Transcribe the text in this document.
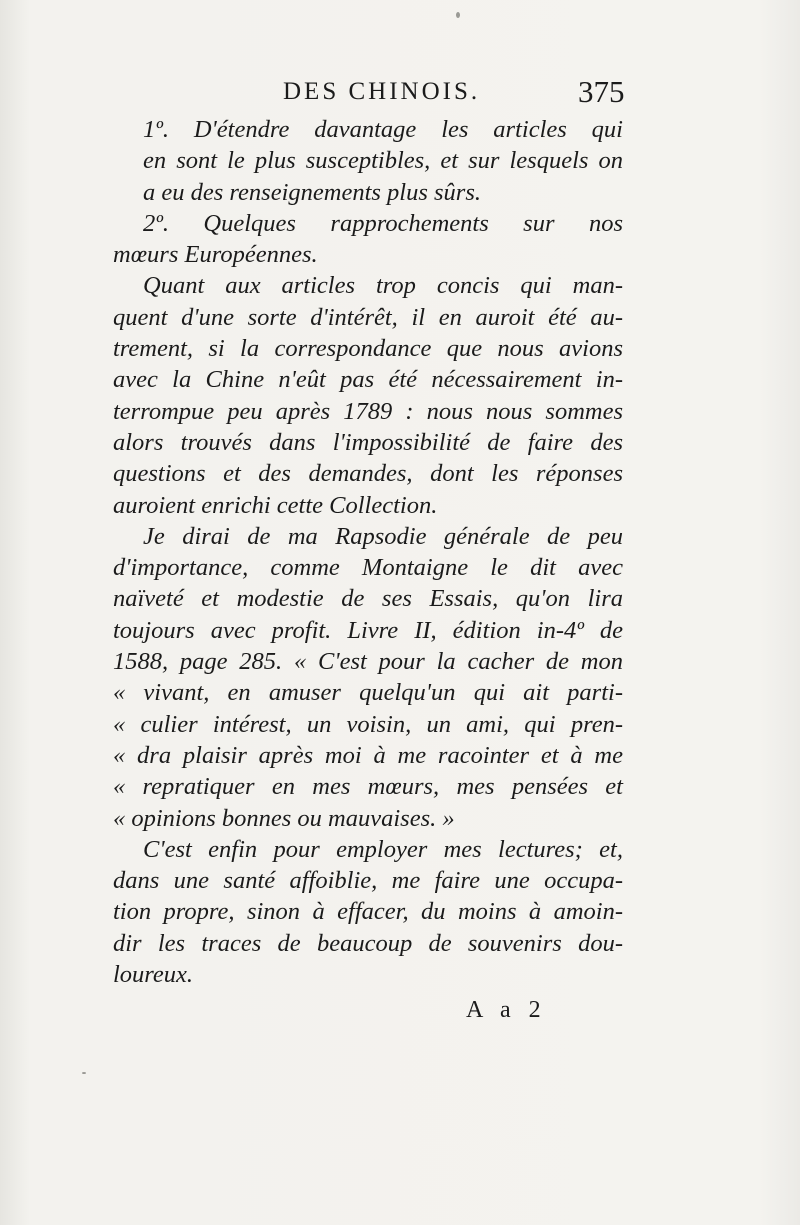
DES CHINOIS.	375
1º. D'étendre davantage les articles qui
en sont le plus susceptibles, et sur lesquels on
a eu des renseignements plus sûrs.
2º. Quelques rapprochements sur nos
mœurs Européennes.
Quant aux articles trop concis qui man-
quent d'une sorte d'intérêt, il en auroit été au-
trement, si la correspondance que nous avions
avec la Chine n'eût pas été nécessairement in-
terrompue peu après 1789 : nous nous sommes
alors trouvés dans l'impossibilité de faire des
questions et des demandes, dont les réponses
auroient enrichi cette Collection.
Je dirai de ma Rapsodie générale de peu
d'importance, comme Montaigne le dit avec
naïveté et modestie de ses Essais, qu'on lira
toujours avec profit. Livre II, édition in-4º de
1588, page 285. « C'est pour la cacher de mon
« vivant, en amuser quelqu'un qui ait parti-
« culier intérest, un voisin, un ami, qui pren-
« dra plaisir après moi à me racointer et à me
« repratiquer en mes mœurs, mes pensées et
« opinions bonnes ou mauvaises. »
C'est enfin pour employer mes lectures; et,
dans une santé affoiblie, me faire une occupa-
tion propre, sinon à effacer, du moins à amoin-
dir les traces de beaucoup de souvenirs dou-
loureux.
A a 2
